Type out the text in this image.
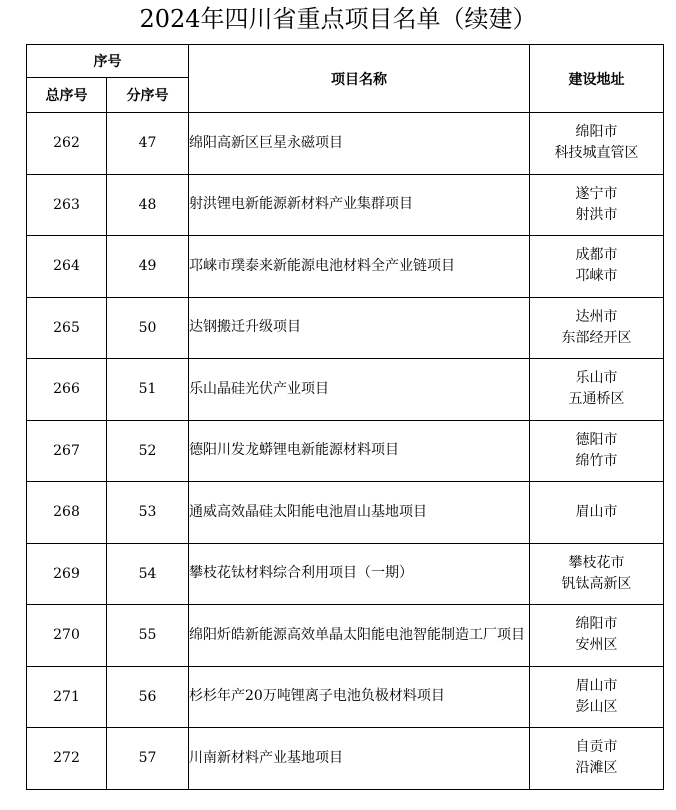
2024年四川省重点项目名单（续建）
序号		项目名称	建设地址
总序号	分序号		
262	47	绵阳高新区巨星永磁项目	绵阳市
科技城直管区

263	48	射洪锂电新能源新材料产业集群项目	遂宁市
射洪市

264	49	邛崃市璞泰来新能源电池材料全产业链项目	成都市
邛崃市

265	50	达钢搬迁升级项目	达州市
东部经开区

266	51	乐山晶硅光伏产业项目	乐山市
五通桥区

267	52	德阳川发龙蟒锂电新能源材料项目	德阳市
绵竹市

268	53	通威高效晶硅太阳能电池眉山基地项目	眉山市

269	54	攀枝花钛材料综合利用项目（一期）	攀枝花市
钒钛高新区

270	55	绵阳炘皓新能源高效单晶太阳能电池智能制造工厂项目	绵阳市
安州区

271	56	杉杉年产20万吨锂离子电池负极材料项目	眉山市
彭山区

272	57	川南新材料产业基地项目	自贡市
沿滩区
